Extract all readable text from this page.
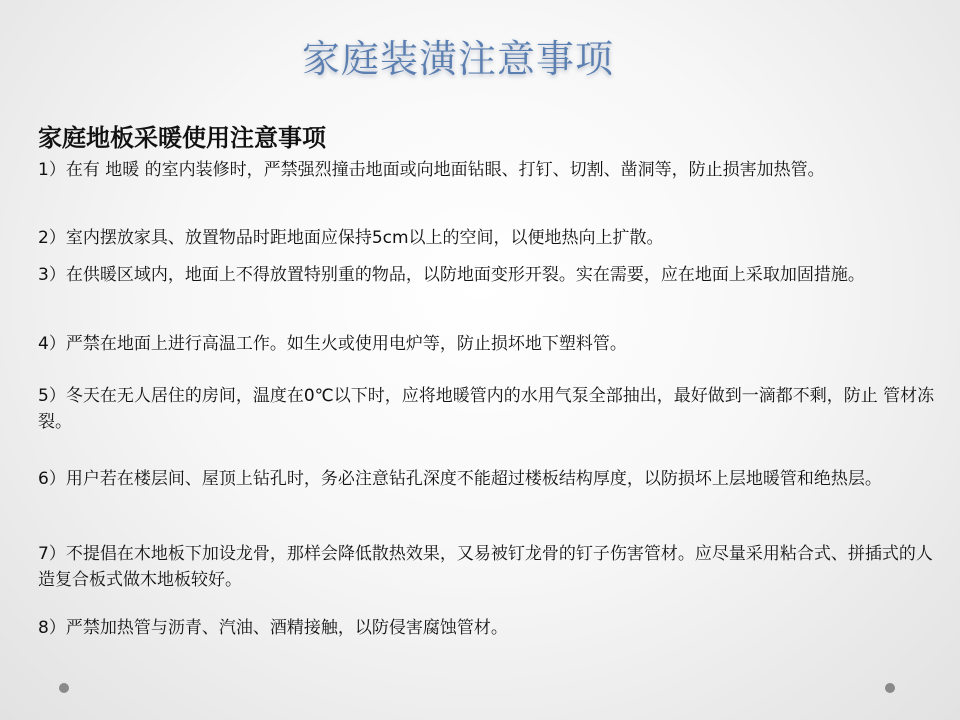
家庭装潢注意事项
家庭地板采暖使用注意事项
1）在有 地暖 的室内装修时，严禁强烈撞击地面或向地面钻眼、打钉、切割、凿洞等，防止损害加热管。
2）室内摆放家具、放置物品时距地面应保持5cm以上的空间，以便地热向上扩散。
3）在供暖区域内，地面上不得放置特别重的物品，以防地面变形开裂。实在需要，应在地面上采取加固措施。
4）严禁在地面上进行高温工作。如生火或使用电炉等，防止损坏地下塑料管。
5）冬天在无人居住的房间，温度在0℃以下时，应将地暖管内的水用气泵全部抽出，最好做到一滴都不剩，防止 管材冻裂。
6）用户若在楼层间、屋顶上钻孔时，务必注意钻孔深度不能超过楼板结构厚度，以防损坏上层地暖管和绝热层。
7）不提倡在木地板下加设龙骨，那样会降低散热效果，又易被钉龙骨的钉子伤害管材。应尽量采用粘合式、拼插式的人造复合板式做木地板较好。
8）严禁加热管与沥青、汽油、酒精接触，以防侵害腐蚀管材。
